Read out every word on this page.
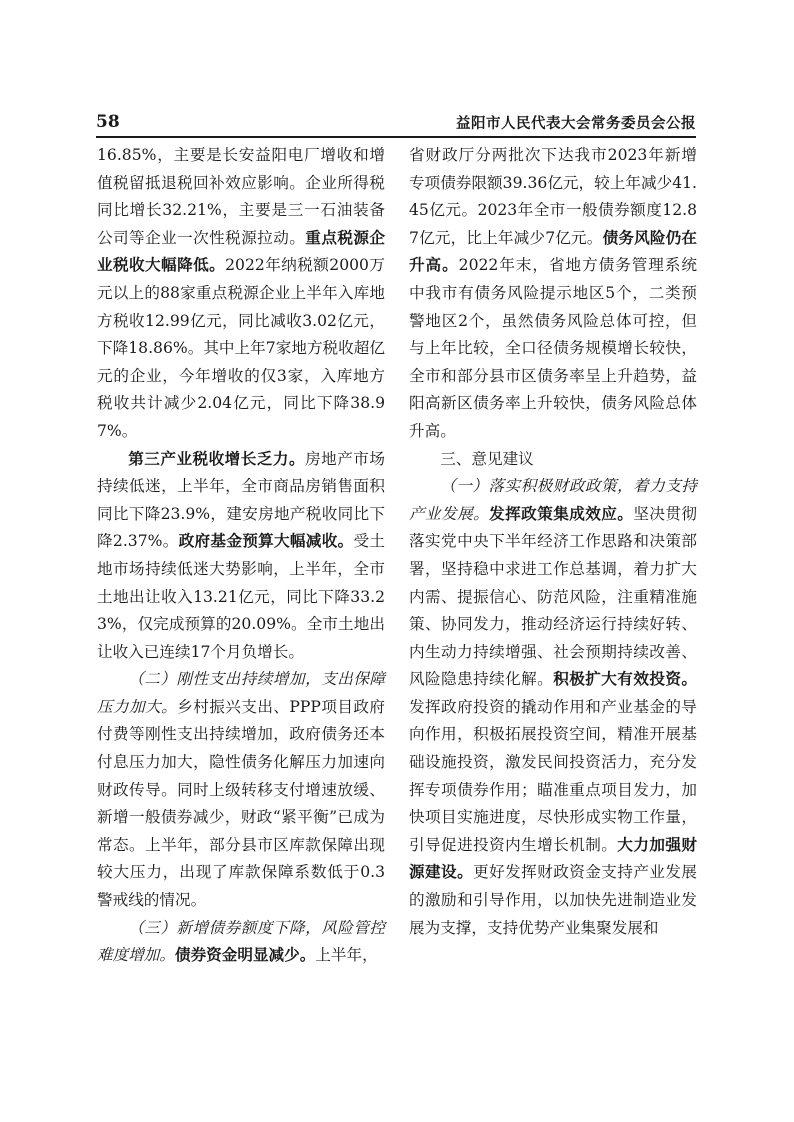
58	益阳市人民代表大会常务委员会公报

16.85%，主要是长安益阳电厂增收和增值税留抵退税回补效应影响。企业所得税同比增长32.21%，主要是三一石油装备公司等企业一次性税源拉动。重点税源企业税收大幅降低。2022年纳税额2000万元以上的88家重点税源企业上半年入库地方税收12.99亿元，同比减收3.02亿元，下降18.86%。其中上年7家地方税收超亿元的企业，今年增收的仅3家，入库地方税收共计减少2.04亿元，同比下降38.97%。

第三产业税收增长乏力。房地产市场持续低迷，上半年，全市商品房销售面积同比下降23.9%，建安房地产税收同比下降2.37%。政府基金预算大幅减收。受土地市场持续低迷大势影响，上半年，全市土地出让收入13.21亿元，同比下降33.23%，仅完成预算的20.09%。全市土地出让收入已连续17个月负增长。

（二）刚性支出持续增加，支出保障压力加大。乡村振兴支出、PPP项目政府付费等刚性支出持续增加，政府债务还本付息压力加大，隐性债务化解压力加速向财政传导。同时上级转移支付增速放缓、新增一般债券减少，财政“紧平衡”已成为常态。上半年，部分县市区库款保障出现较大压力，出现了库款保障系数低于0.3警戒线的情况。

（三）新增债券额度下降，风险管控难度增加。债券资金明显减少。上半年，

省财政厅分两批次下达我市2023年新增专项债券限额39.36亿元，较上年减少41.45亿元。2023年全市一般债券额度12.87亿元，比上年减少7亿元。债务风险仍在升高。2022年末，省地方债务管理系统中我市有债务风险提示地区5个，二类预警地区2个，虽然债务风险总体可控，但与上年比较，全口径债务规模增长较快，全市和部分县市区债务率呈上升趋势，益阳高新区债务率上升较快，债务风险总体升高。

三、意见建议

（一）落实积极财政政策，着力支持产业发展。发挥政策集成效应。坚决贯彻落实党中央下半年经济工作思路和决策部署，坚持稳中求进工作总基调，着力扩大内需、提振信心、防范风险，注重精准施策、协同发力，推动经济运行持续好转、内生动力持续增强、社会预期持续改善、风险隐患持续化解。积极扩大有效投资。发挥政府投资的撬动作用和产业基金的导向作用，积极拓展投资空间，精准开展基础设施投资，激发民间投资活力，充分发挥专项债券作用；瞄准重点项目发力，加快项目实施进度，尽快形成实物工作量，引导促进投资内生增长机制。大力加强财源建设。更好发挥财政资金支持产业发展的激励和引导作用，以加快先进制造业发展为支撑，支持优势产业集聚发展和
